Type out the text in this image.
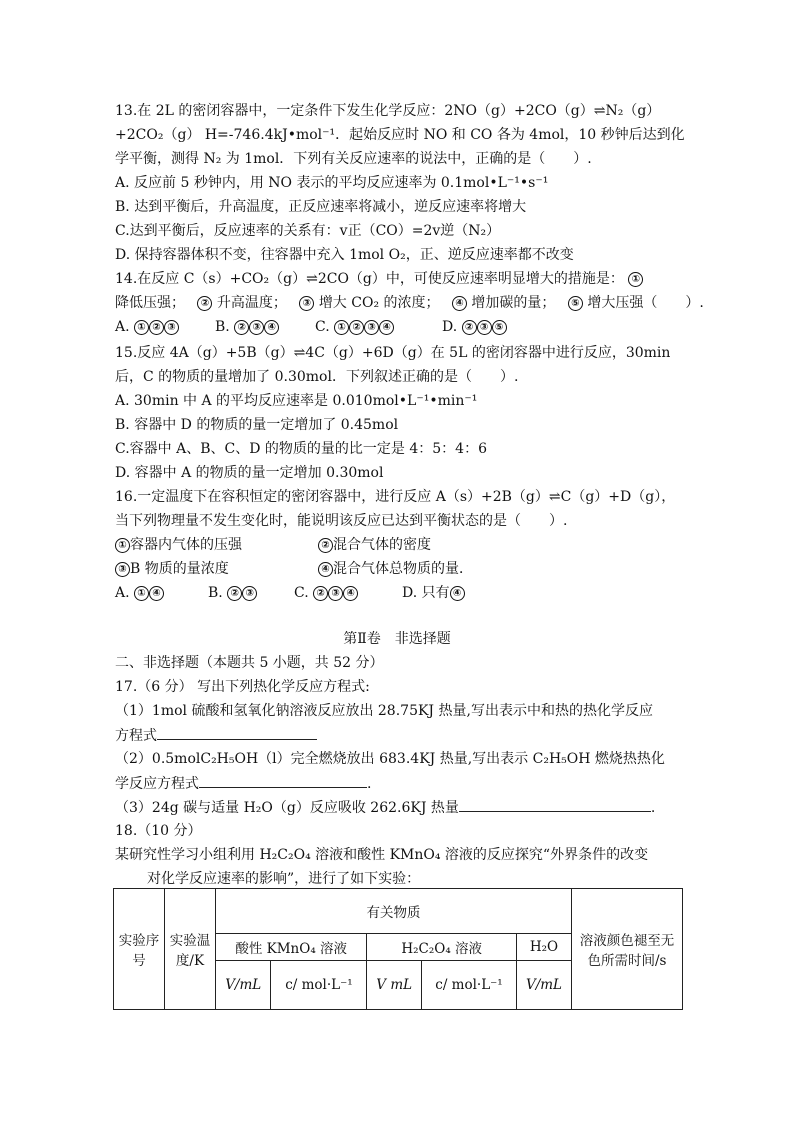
13.在 2L 的密闭容器中，一定条件下发生化学反应：2NO（g）+2CO（g）⇌N₂（g）
+2CO₂（g） H=-746.4kJ•mol⁻¹．起始反应时 NO 和 CO 各为 4mol，10 秒钟后达到化
学平衡，测得 N₂ 为 1mol．下列有关反应速率的说法中，正确的是（　　）.
A. 反应前 5 秒钟内，用 NO 表示的平均反应速率为 0.1mol•L⁻¹•s⁻¹
B. 达到平衡后，升高温度，正反应速率将减小，逆反应速率将增大
C.达到平衡后，反应速率的关系有：v正（CO）=2v逆（N₂）
D. 保持容器体积不变，往容器中充入 1mol O₂，正、逆反应速率都不改变
14.在反应 C（s）+CO₂（g）⇌2CO（g）中，可使反应速率明显增大的措施是： ①
降低压强； ② 升高温度； ③ 增大 CO₂ 的浓度； ④ 增加碳的量； ⑤ 增大压强（　　）.
A. ① ② ③	B. ② ③ ④	C. ① ② ③ ④	D. ② ③ ⑤
15.反应 4A（g）+5B（g）⇌4C（g）+6D（g）在 5L 的密闭容器中进行反应，30min
后，C 的物质的量增加了 0.30mol．下列叙述正确的是（　　）.
A. 30min 中 A 的平均反应速率是 0.010mol•L⁻¹•min⁻¹
B. 容器中 D 的物质的量一定增加了 0.45mol
C.容器中 A、B、C、D 的物质的量的比一定是 4：5：4：6
D. 容器中 A 的物质的量一定增加 0.30mol
16.一定温度下在容积恒定的密闭容器中，进行反应 A（s）+2B（g）⇌C（g）+D（g），
当下列物理量不发生变化时，能说明该反应已达到平衡状态的是（　　）.
① 容器内气体的压强	② 混合气体的密度
③ B 物质的量浓度	④ 混合气体总物质的量．
A. ① ④	B. ② ③	C. ② ③ ④	D. 只有 ④
第Ⅱ卷　非选择题
二、非选择题（本题共 5 小题，共 52 分）
17.（6 分） 写出下列热化学反应方程式:
（1）1mol 硫酸和氢氧化钠溶液反应放出 28.75KJ 热量,写出表示中和热的热化学反应
方程式
（2）0.5molC₂H₅OH（l）完全燃烧放出 683.4KJ 热量,写出表示 C₂H₅OH 燃烧热热化
学反应方程式	.
（3）24g 碳与适量 H₂O（g）反应吸收 262.6KJ 热量	.
18.（10 分）
某研究性学习小组利用 H₂C₂O₄ 溶液和酸性 KMnO₄ 溶液的反应探究“外界条件的改变
对化学反应速率的影响”，进行了如下实验：
实验序号	实验温度/K	有关物质					溶液颜色褪至无色所需时间/s
		酸性 KMnO₄ 溶液		H₂C₂O₄ 溶液		H₂O	
		V/mL	c/ mol·L⁻¹	V mL	c/ mol·L⁻¹	V/mL	
